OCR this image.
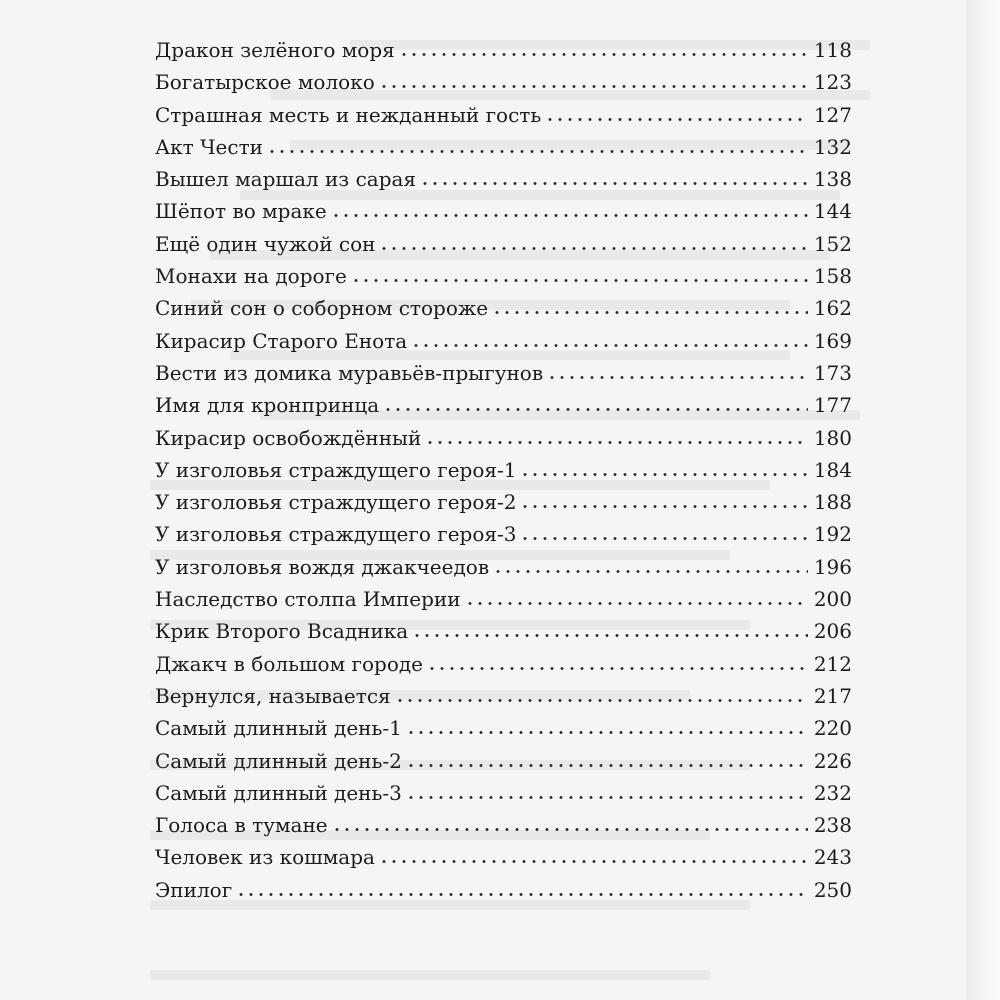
Дракон зелёного моря	118
Богатырское молоко	123
Страшная месть и нежданный гость	127
Акт Чести	132
Вышел маршал из сарая	138
Шёпот во мраке	144
Ещё один чужой сон	152
Монахи на дороге	158
Синий сон о соборном стороже	162
Кирасир Старого Енота	169
Вести из домика муравьёв-прыгунов	173
Имя для кронпринца	177
Кирасир освобождённый	180
У изголовья страждущего героя-1	184
У изголовья страждущего героя-2	188
У изголовья страждущего героя-3	192
У изголовья вождя джакчеедов	196
Наследство столпа Империи	200
Крик Второго Всадника	206
Джакч в большом городе	212
Вернулся, называется	217
Самый длинный день-1	220
Самый длинный день-2	226
Самый длинный день-3	232
Голоса в тумане	238
Человек из кошмара	243
Эпилог	250
